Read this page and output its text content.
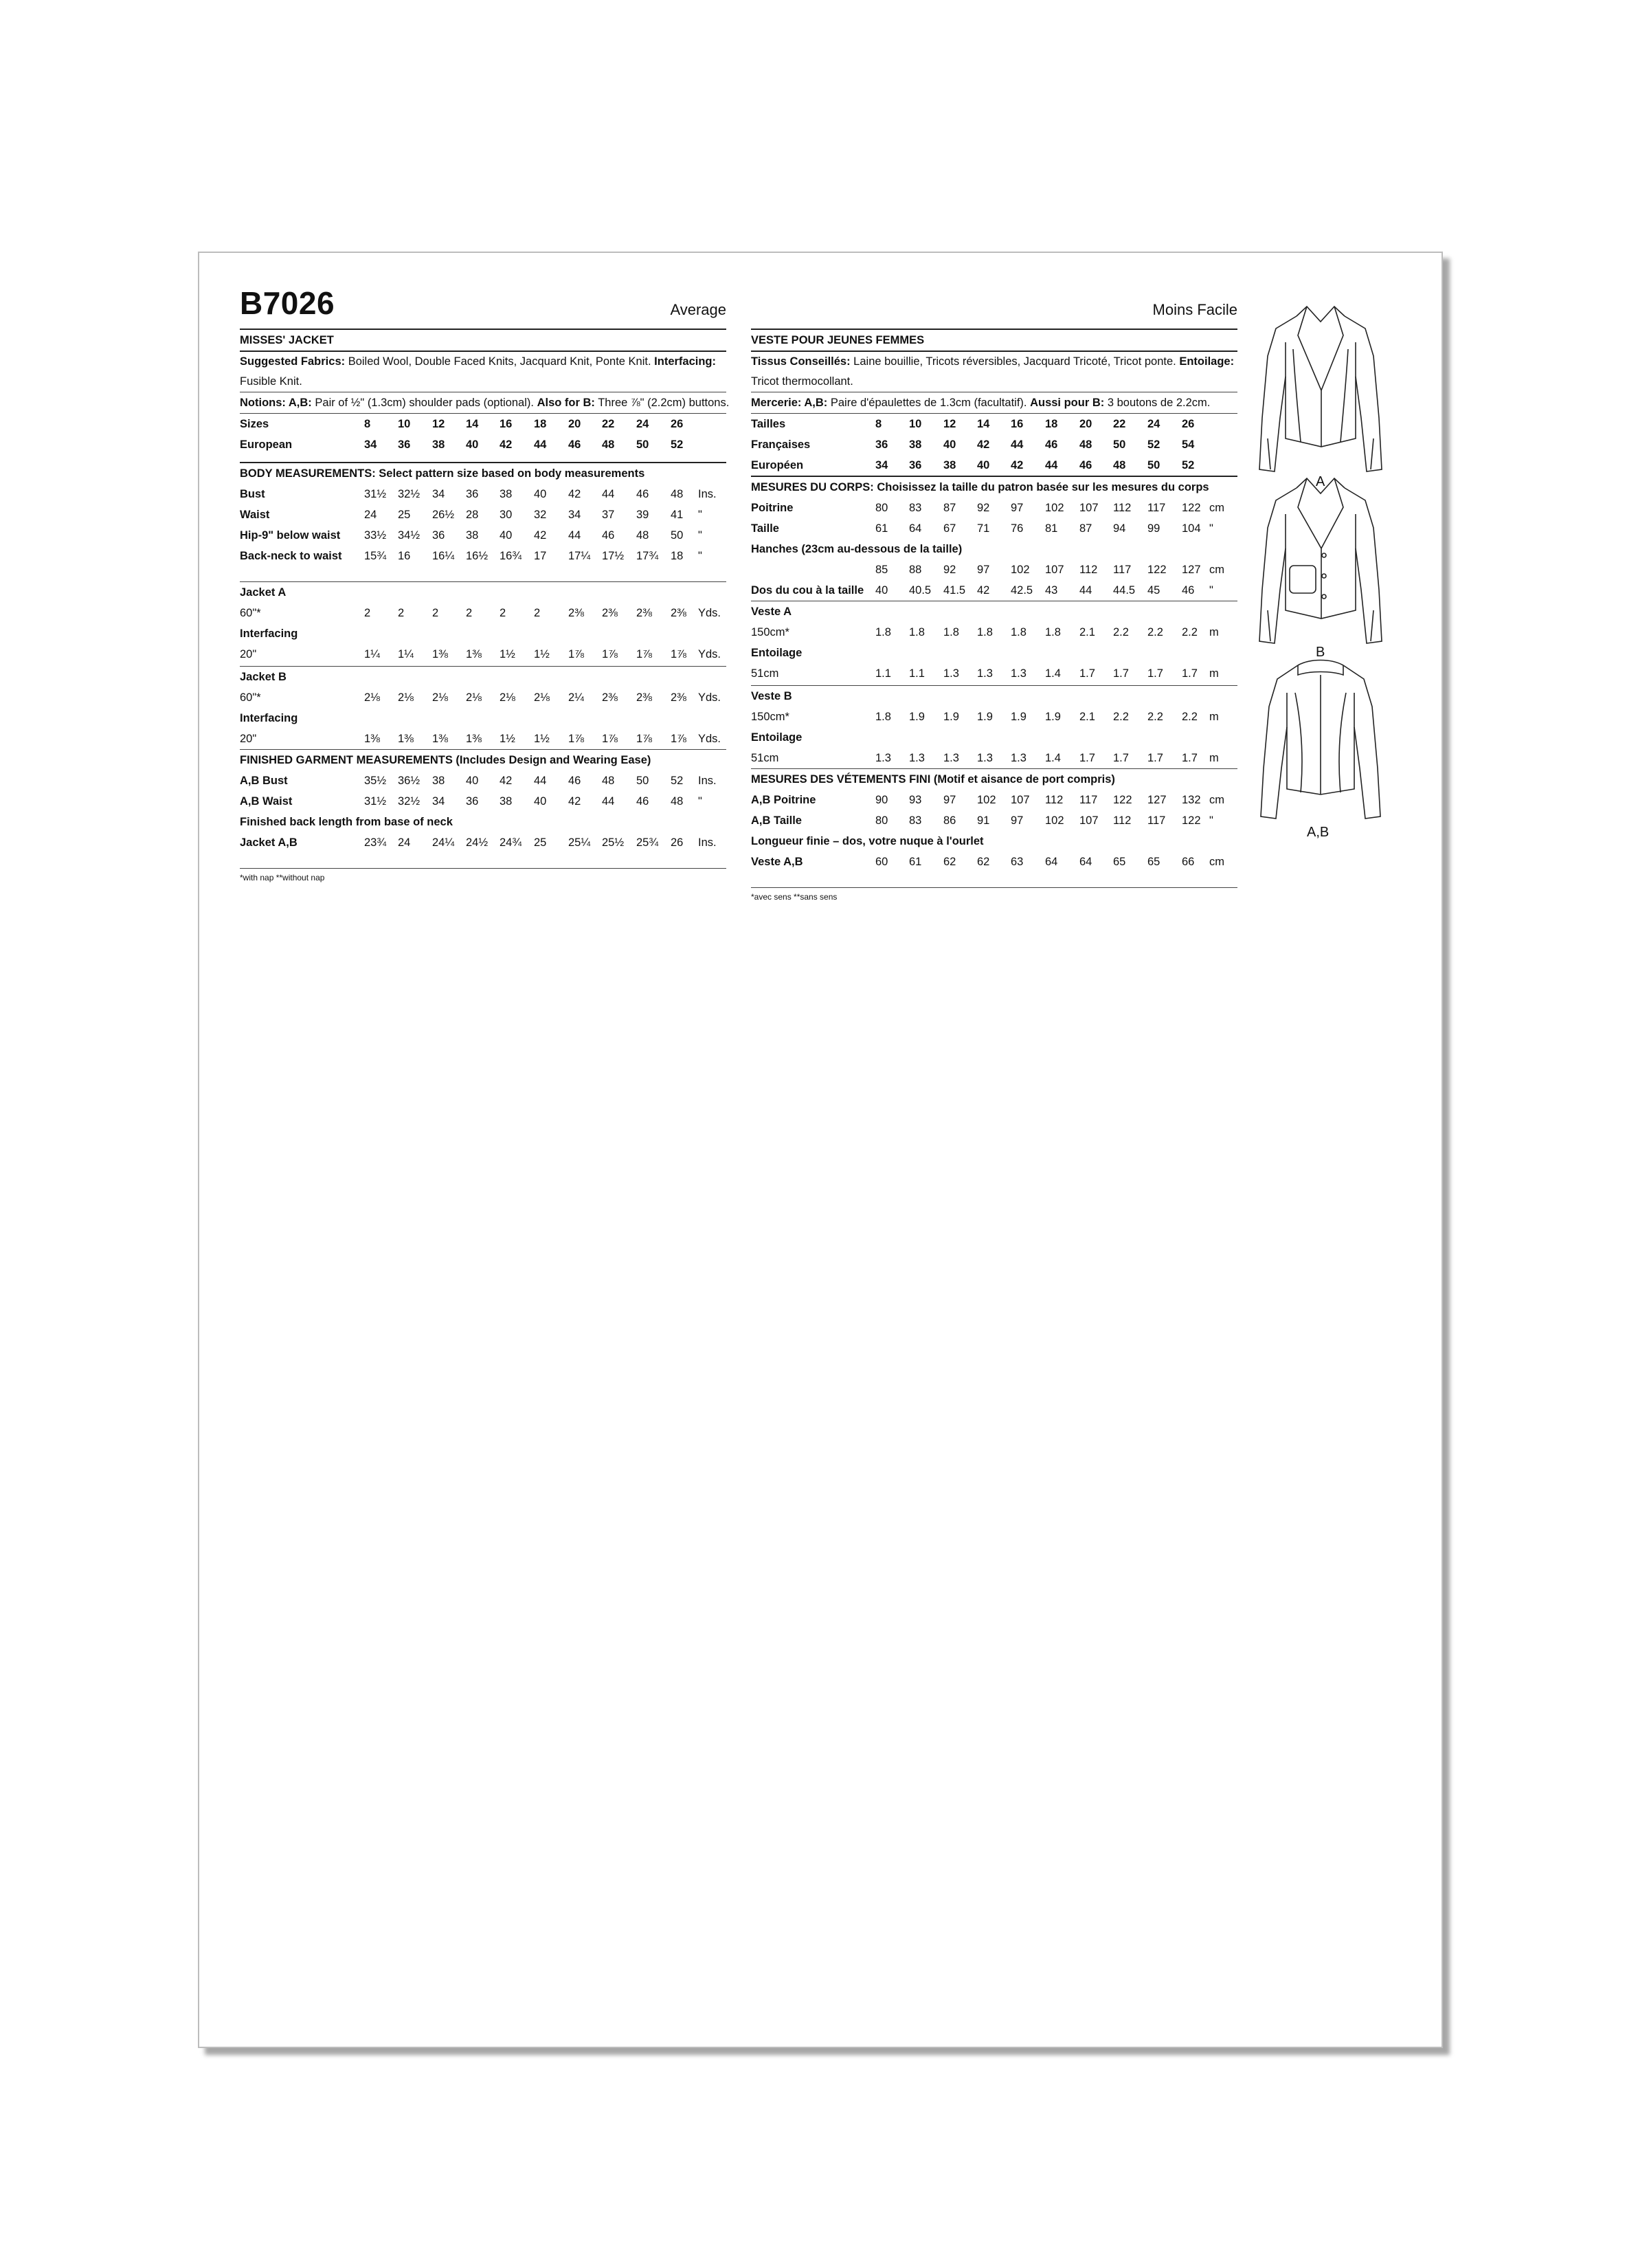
B7026	Average
MISSES' JACKET
Suggested Fabrics: Boiled Wool, Double Faced Knits, Jacquard Knit, Ponte Knit. Interfacing: Fusible Knit.
Notions: A,B: Pair of ½" (1.3cm) shoulder pads (optional). Also for B: Three ⅞" (2.2cm) buttons.
Sizes	8	10	12	14	16	18	20	22	24	26
European	34	36	38	40	42	44	46	48	50	52
BODY MEASUREMENTS: Select pattern size based on body measurements
Bust	31½	32½	34	36	38	40	42	44	46	48	Ins.
Waist	24	25	26½	28	30	32	34	37	39	41	"
Hip-9" below waist 33½	34½	36	38	40	42	44	46	48	50	"
Back-neck to waist 15¾	16	16¼	16½	16¾	17	17¼	17½	17¾	18	"
Jacket A
60"*	2	2	2	2	2	2	2⅜	2⅜	2⅜	2⅜	Yds.
Interfacing
20"	1¼	1¼	1⅜	1⅜	1½	1½	1⅞	1⅞	1⅞	1⅞	Yds.
Jacket B
60"*	2⅛	2⅛	2⅛	2⅛	2⅛	2⅛	2¼	2⅜	2⅜	2⅜	Yds.
Interfacing
20"	1⅜	1⅜	1⅜	1⅜	1½	1½	1⅞	1⅞	1⅞	1⅞	Yds.
FINISHED GARMENT MEASUREMENTS (Includes Design and Wearing Ease)
A,B Bust	35½	36½	38	40	42	44	46	48	50	52	Ins.
A,B Waist	31½	32½	34	36	38	40	42	44	46	48	"
Finished back length from base of neck
Jacket A,B	23¾	24	24¼	24½	24¾	25	25¼	25½	25¾	26	Ins.
*with nap **without nap
Moins Facile
VESTE POUR JEUNES FEMMES
Tissus Conseillés: Laine bouillie, Tricots réversibles, Jacquard Tricoté, Tricot ponte. Entoilage: Tricot thermocollant.
Mercerie: A,B: Paire d'épaulettes de 1.3cm (facultatif). Aussi pour B: 3 boutons de 2.2cm.
Tailles	8	10	12	14	16	18	20	22	24	26
Françaises	36	38	40	42	44	46	48	50	52	54
Européen	34	36	38	40	42	44	46	48	50	52
MESURES DU CORPS: Choisissez la taille du patron basée sur les mesures du corps
Poitrine	80	83	87	92	97	102	107	112	117	122 cm
Taille	61	64	67	71	76	81	87	94	99	104 "
Hanches (23cm au-dessous de la taille)
85	88	92	97	102	107	112	117	122	127 cm
Dos du cou à la taille 40	40.5	41.5	42	42.5	43	44	44.5	45	46	"
Veste A
150cm*	1.8	1.8	1.8	1.8	1.8	1.8	2.1	2.2	2.2	2.2	m
Entoilage
51cm	1.1	1.1	1.3	1.3	1.3	1.4	1.7	1.7	1.7	1.7	m
Veste B
150cm*	1.8	1.9	1.9	1.9	1.9	1.9	2.1	2.2	2.2	2.2	m
Entoilage
51cm	1.3	1.3	1.3	1.3	1.3	1.4	1.7	1.7	1.7	1.7	m
MESURES DES VÉTEMENTS FINI (Motif et aisance de port compris)
A,B Poitrine	90	93	97	102	107	112	117	122	127	132 cm
A,B Taille	80	83	86	91	97	102	107	112	117	122 "
Longueur finie – dos, votre nuque à l'ourlet
Veste A,B	60	61	62	62	63	64	64	65	65	66	cm
*avec sens **sans sens
A
B
A,B
